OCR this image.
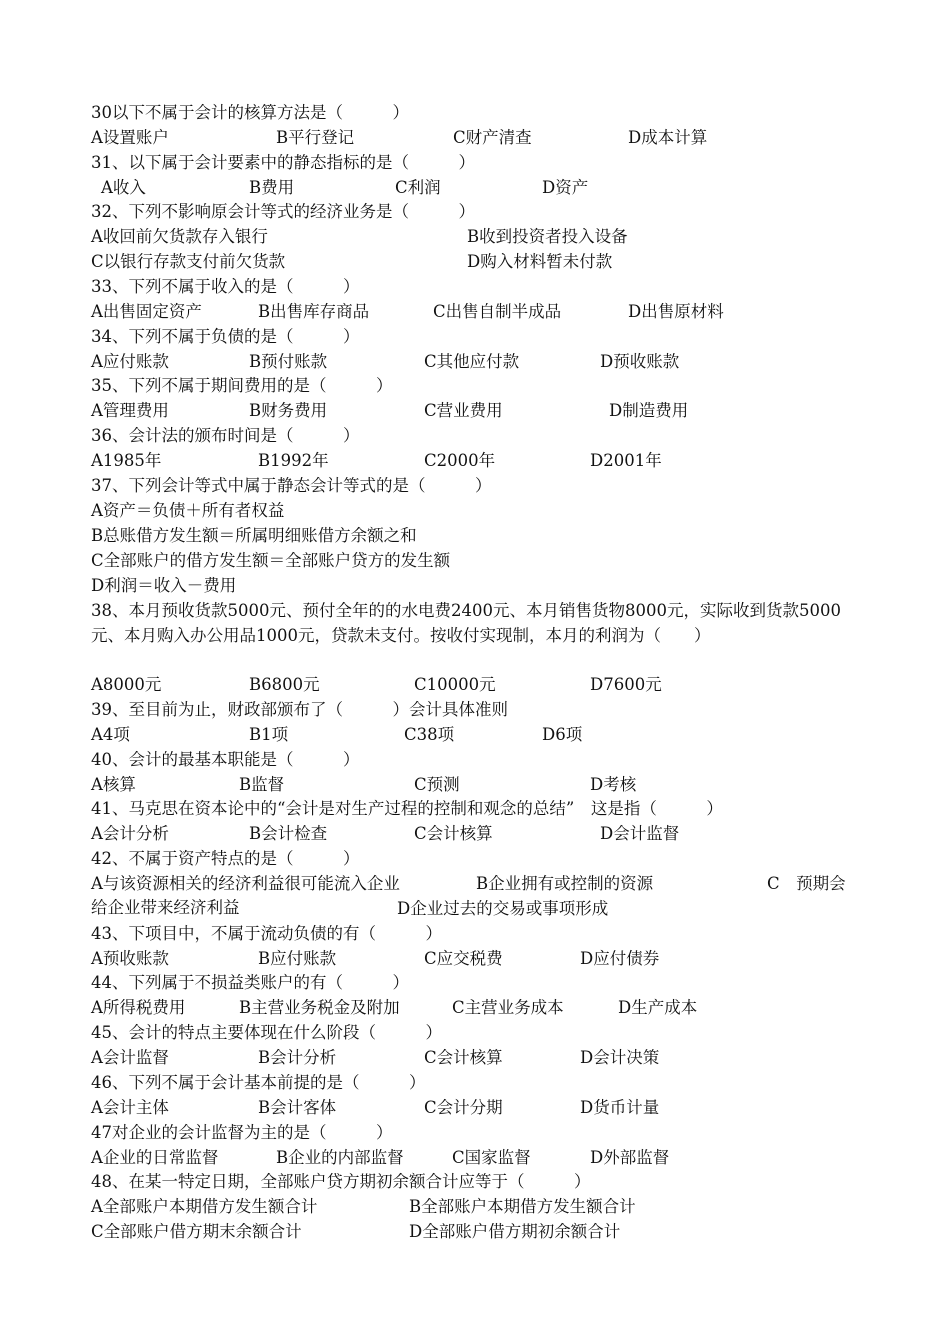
30以下不属于会计的核算方法是（　　　）
A设置账户	B平行登记	C财产清查	D成本计算
31、以下属于会计要素中的静态指标的是（　　　）
A收入	B费用	C利润	D资产
32、下列不影响原会计等式的经济业务是（　　　）
A收回前欠货款存入银行	B收到投资者投入设备
C以银行存款支付前欠货款	D购入材料暂未付款
33、下列不属于收入的是（　　　）
A出售固定资产	B出售库存商品	C出售自制半成品	D出售原材料
34、下列不属于负债的是（　　　）
A应付账款	B预付账款	C其他应付款	D预收账款
35、下列不属于期间费用的是（　　　）
A管理费用	B财务费用	C营业费用	D制造费用
36、会计法的颁布时间是（　　　）
A1985年	B1992年	C2000年	D2001年
37、下列会计等式中属于静态会计等式的是（　　　）
A资产＝负债＋所有者权益
B总账借方发生额＝所属明细账借方余额之和
C全部账户的借方发生额＝全部账户贷方的发生额
D利润＝收入－费用
38、本月预收货款5000元、预付全年的的水电费2400元、本月销售货物8000元，实际收到货款5000元、本月购入办公用品1000元，贷款未支付。按收付实现制，本月的利润为（　　）
A8000元	B6800元	C10000元	D7600元
39、至目前为止，财政部颁布了（　　　）会计具体准则
A4项	B1项	C38项	D6项
40、会计的最基本职能是（　　　）
A核算	B监督	C预测	D考核
41、马克思在资本论中的“会计是对生产过程的控制和观念的总结”　这是指（　　　）
A会计分析	B会计检查	C会计核算	D会计监督
42、不属于资产特点的是（　　　）
A与该资源相关的经济利益很可能流入企业	B企业拥有或控制的资源	C　预期会给企业带来经济利益	D企业过去的交易或事项形成
43、下项目中，不属于流动负债的有（　　　）
A预收账款	B应付账款	C应交税费	D应付债券
44、下列属于不损益类账户的有（　　　）
A所得税费用	B主营业务税金及附加	C主营业务成本	D生产成本
45、会计的特点主要体现在什么阶段（　　　）
A会计监督	B会计分析	C会计核算	D会计决策
46、下列不属于会计基本前提的是（　　　）
A会计主体	B会计客体	C会计分期	D货币计量
47对企业的会计监督为主的是（　　　）
A企业的日常监督	B企业的内部监督	C国家监督	D外部监督
48、在某一特定日期，全部账户贷方期初余额合计应等于（　　　）
A全部账户本期借方发生额合计	B全部账户本期借方发生额合计
C全部账户借方期末余额合计	D全部账户借方期初余额合计
